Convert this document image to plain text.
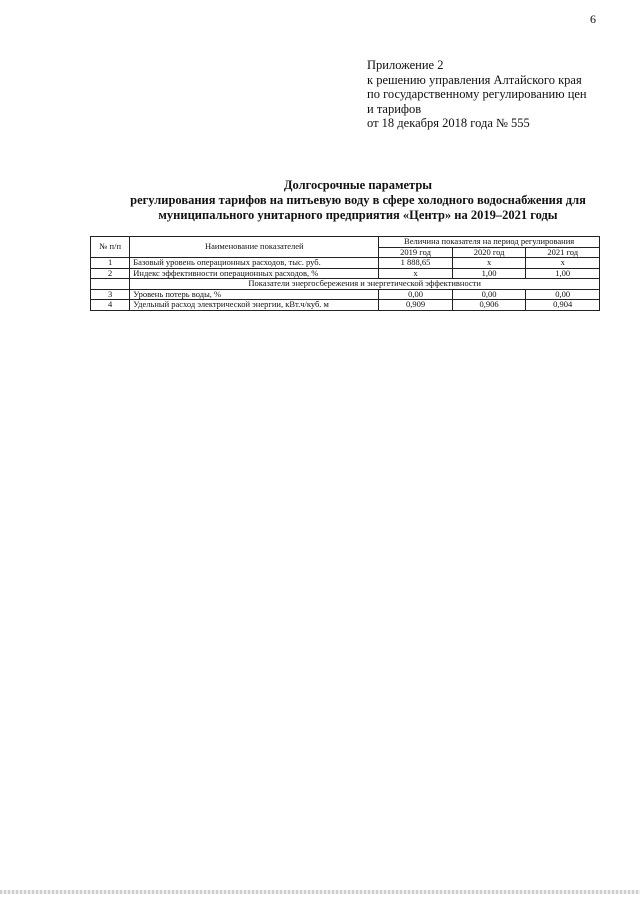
6
Приложение 2
к решению управления Алтайского края
по государственному регулированию цен
и тарифов
от 18 декабря 2018 года № 555
Долгосрочные параметры
регулирования тарифов на питьевую воду в сфере холодного водоснабжения для
муниципального унитарного предприятия «Центр» на 2019–2021 годы
№ п/п	Наименование показателей	Величина показателя на период регулирования		
		2019 год	2020 год	2021 год
1	Базовый уровень операционных расходов, тыс. руб.	1 888,65	х	х
2	Индекс эффективности операционных расходов, %	х	1,00	1,00
	Показатели энергосбережения и энергетической эффективности			
3	Уровень потерь воды, %	0,00	0,00	0,00
4	Удельный расход электрической энергии, кВт.ч/куб. м	0,909	0,906	0,904
